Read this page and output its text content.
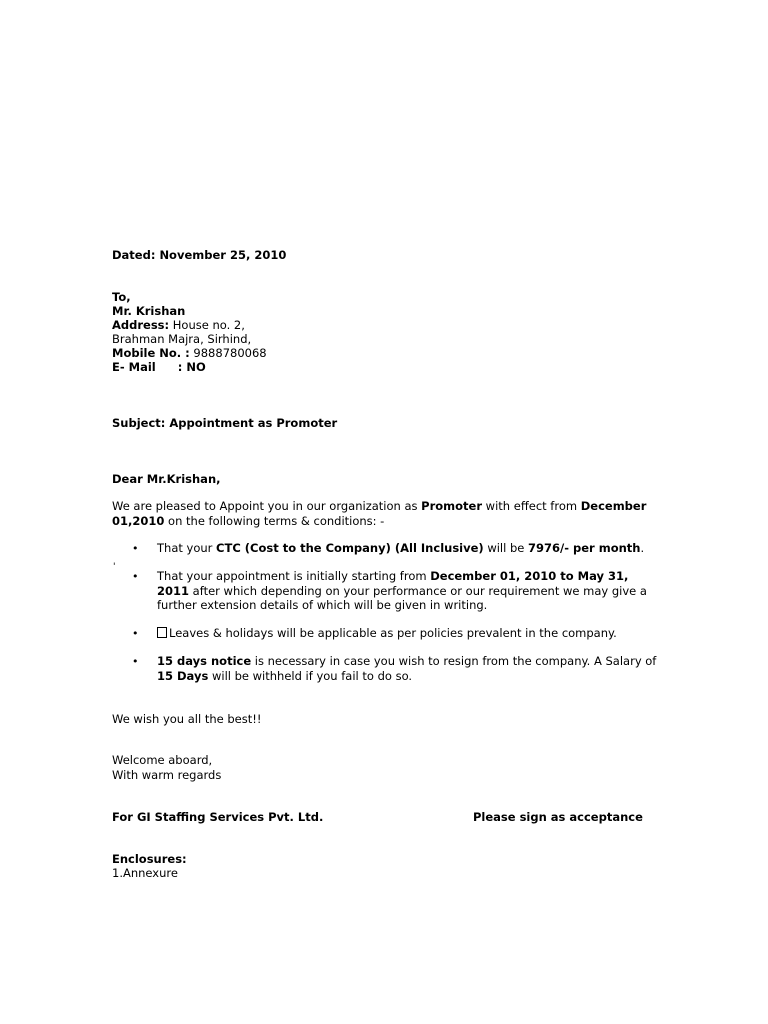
Dated: November 25, 2010
To,
Mr. Krishan
Address: House no. 2,
Brahman Majra, Sirhind,
Mobile No. : 9888780068
E- Mail : NO
Subject: Appointment as Promoter
Dear Mr.Krishan,
We are pleased to Appoint you in our organization as Promoter with effect from December 01,2010 on the following terms & conditions: -
'
• That your CTC (Cost to the Company) (All Inclusive) will be 7976/- per month.
• That your appointment is initially starting from December 01, 2010 to May 31, 2011 after which depending on your performance or our requirement we may give a further extension details of which will be given in writing.
•	Leaves & holidays will be applicable as per policies prevalent in the company.
• 15 days notice is necessary in case you wish to resign from the company. A Salary of 15 Days will be withheld if you fail to do so.
We wish you all the best!!
Welcome aboard,
With warm regards
For GI Staffing Services Pvt. Ltd.	Please sign as acceptance
Enclosures:
1.Annexure
